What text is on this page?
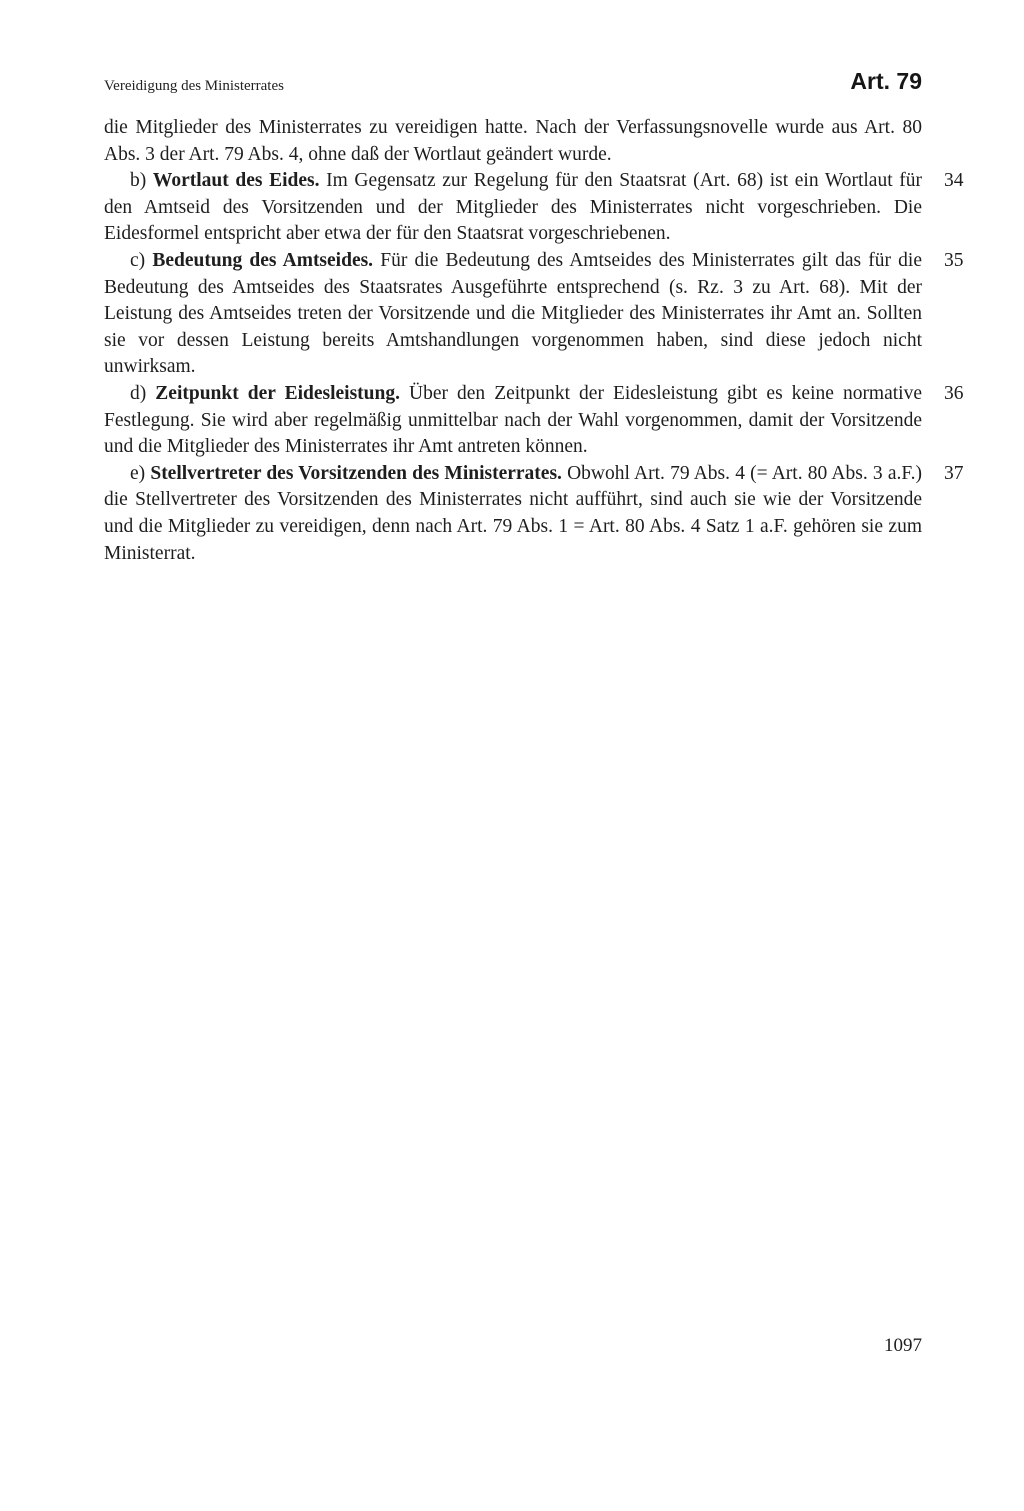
Vereidigung des Ministerrates	Art. 79

die Mitglieder des Ministerrates zu vereidigen hatte. Nach der Verfassungsnovelle wurde aus Art. 80 Abs. 3 der Art. 79 Abs. 4, ohne daß der Wortlaut geändert wurde.

b) Wortlaut des Eides. Im Gegensatz zur Regelung für den Staatsrat (Art. 68) ist ein Wortlaut für den Amtseid des Vorsitzenden und der Mitglieder des Ministerrates nicht vorgeschrieben. Die Eidesformel entspricht aber etwa der für den Staatsrat vorgeschriebenen.

34

c) Bedeutung des Amtseides. Für die Bedeutung des Amtseides des Ministerrates gilt das für die Bedeutung des Amtseides des Staatsrates Ausgeführte entsprechend (s. Rz. 3 zu Art. 68). Mit der Leistung des Amtseides treten der Vorsitzende und die Mitglieder des Ministerrates ihr Amt an. Sollten sie vor dessen Leistung bereits Amtshandlungen vorgenommen haben, sind diese jedoch nicht unwirksam.

35

d) Zeitpunkt der Eidesleistung. Über den Zeitpunkt der Eidesleistung gibt es keine normative Festlegung. Sie wird aber regelmäßig unmittelbar nach der Wahl vorgenommen, damit der Vorsitzende und die Mitglieder des Ministerrates ihr Amt antreten können.

36

e) Stellvertreter des Vorsitzenden des Ministerrates. Obwohl Art. 79 Abs. 4 (= Art. 80 Abs. 3 a.F.) die Stellvertreter des Vorsitzenden des Ministerrates nicht aufführt, sind auch sie wie der Vorsitzende und die Mitglieder zu vereidigen, denn nach Art. 79 Abs. 1 = Art. 80 Abs. 4 Satz 1 a.F. gehören sie zum Ministerrat.

37
1097
